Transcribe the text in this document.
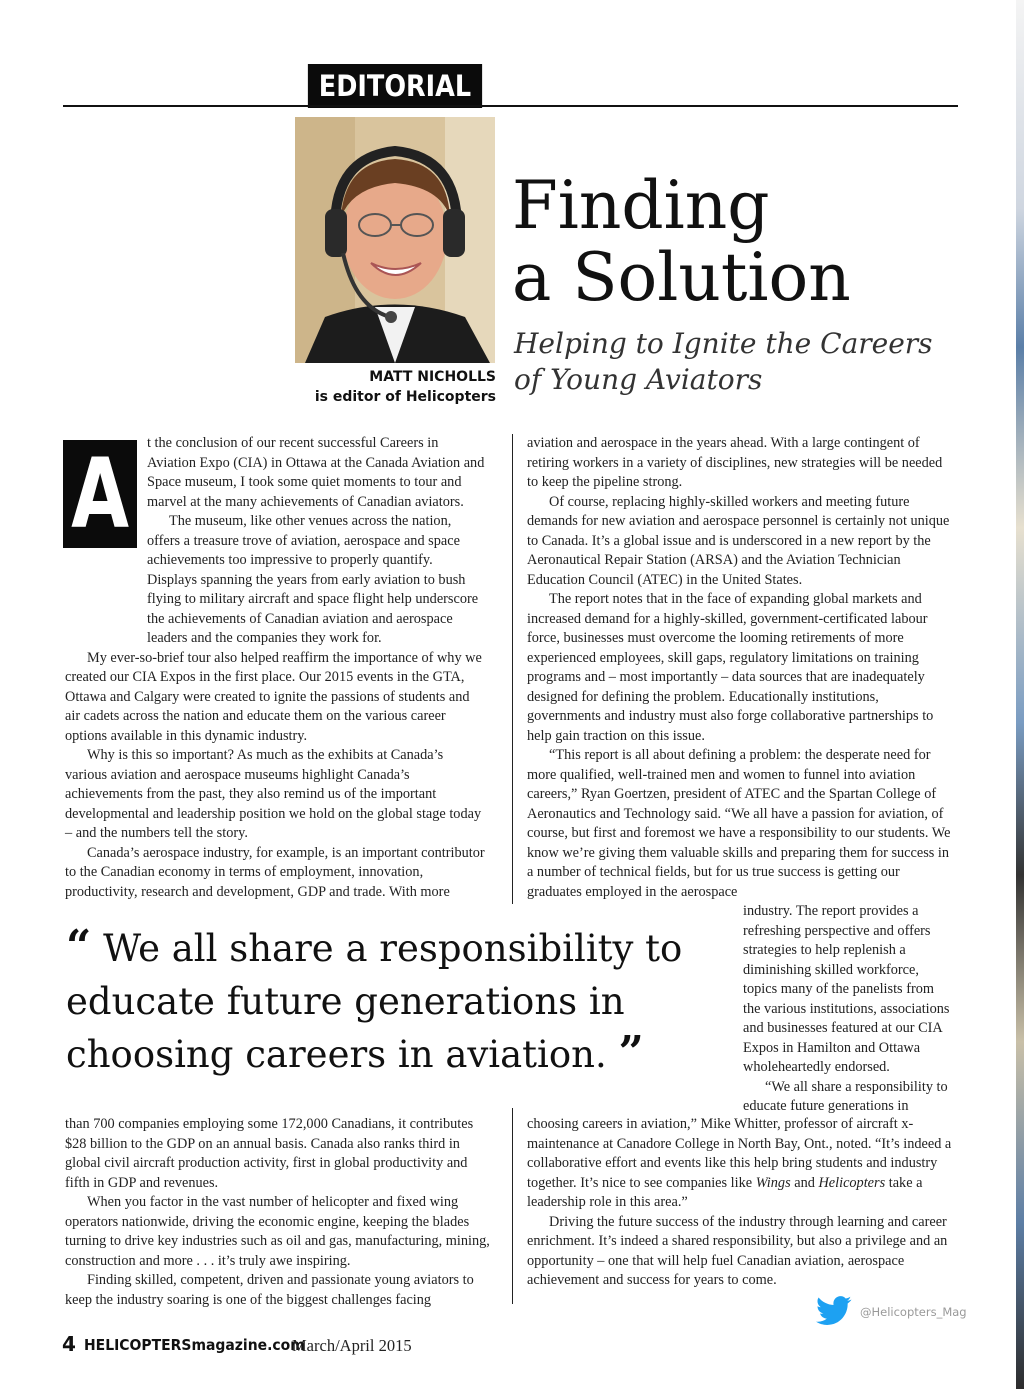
EDITORIAL
MATT NICHOLLS
is editor of Helicopters
Finding
a Solution
Helping to Ignite the Careers
of Young Aviators
A t the conclusion of our recent successful Careers in Aviation Expo (CIA) in Ottawa at the Canada Aviation and Space museum, I took some quiet moments to tour and marvel at the many achievements of Canadian aviators.

The museum, like other venues across the nation, offers a treasure trove of aviation, aerospace and space achievements too impressive to properly quantify. Displays spanning the years from early aviation to bush flying to military aircraft and space flight help underscore the achievements of Canadian aviation and aerospace leaders and the companies they work for.

My ever-so-brief tour also helped reaffirm the importance of why we created our CIA Expos in the first place. Our 2015 events in the GTA, Ottawa and Calgary were created to ignite the passions of students and air cadets across the nation and educate them on the various career options available in this dynamic industry.

Why is this so important? As much as the exhibits at Canada’s various aviation and aerospace museums highlight Canada’s achievements from the past, they also remind us of the important developmental and leadership position we hold on the global stage today – and the numbers tell the story.

Canada’s aerospace industry, for example, is an important contributor to the Canadian economy in terms of employment, innovation, productivity, research and development, GDP and trade. With more

aviation and aerospace in the years ahead. With a large contingent of retiring workers in a variety of disciplines, new strategies will be needed to keep the pipeline strong.

Of course, replacing highly-skilled workers and meeting future demands for new aviation and aerospace personnel is certainly not unique to Canada. It’s a global issue and is underscored in a new report by the Aeronautical Repair Station (ARSA) and the Aviation Technician Education Council (ATEC) in the United States.

The report notes that in the face of expanding global markets and increased demand for a highly-skilled, government-certificated labour force, businesses must overcome the looming retirements of more experienced employees, skill gaps, regulatory limitations on training programs and – most importantly – data sources that are inadequately designed for defining the problem. Educationally institutions, governments and industry must also forge collaborative partnerships to help gain traction on this issue.

“This report is all about defining a problem: the desperate need for more qualified, well-trained men and women to funnel into aviation careers,” Ryan Goertzen, president of ATEC and the Spartan College of Aeronautics and Technology said. “We all have a passion for aviation, of course, but first and foremost we have a responsibility to our students. We know we’re giving them valuable skills and preparing them for success in a number of technical fields, but for us true success is getting our graduates employed in the aerospace

industry. The report provides a refreshing perspective and offers strategies to help replenish a diminishing skilled workforce, topics many of the panelists from the various institutions, associations and businesses featured at our CIA Expos in Hamilton and Ottawa wholeheartedly endorsed.

“We all share a responsibility to educate future generations in

“ We all share a responsibility to
educate future generations in
choosing careers in aviation. ”

than 700 companies employing some 172,000 Canadians, it contributes $28 billion to the GDP on an annual basis. Canada also ranks third in global civil aircraft production activity, first in global productivity and fifth in GDP and revenues.

When you factor in the vast number of helicopter and fixed wing operators nationwide, driving the economic engine, keeping the blades turning to drive key industries such as oil and gas, manufacturing, mining, construction and more . . . it’s truly awe inspiring.

Finding skilled, competent, driven and passionate young aviators to keep the industry soaring is one of the biggest challenges facing

choosing careers in aviation,” Mike Whitter, professor of aircraft x-maintenance at Canadore College in North Bay, Ont., noted. “It’s indeed a collaborative effort and events like this help bring students and industry together. It’s nice to see companies like Wings and Helicopters take a leadership role in this area.”

Driving the future success of the industry through learning and career enrichment. It’s indeed a shared responsibility, but also a privilege and an opportunity – one that will help fuel Canadian aviation, aerospace achievement and success for years to come.

@Helicopters_Mag
4 HELICOPTERSmagazine.com
March/April 2015
